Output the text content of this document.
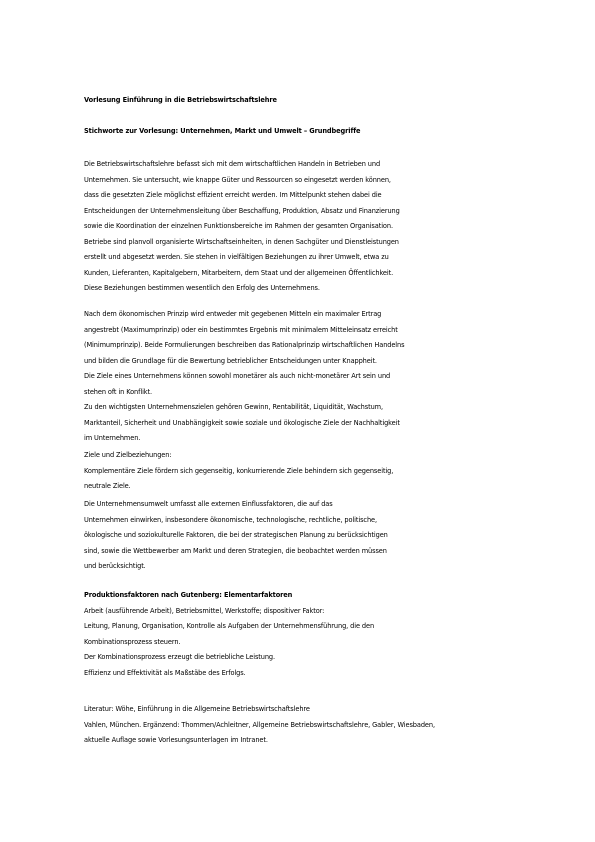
Vorlesung Einführung in die Betriebswirtschaftslehre
Stichworte zur Vorlesung: Unternehmen, Markt und Umwelt – Grundbegriffe
Die Betriebswirtschaftslehre befasst sich mit dem wirtschaftlichen Handeln in Betrieben und
Unternehmen. Sie untersucht, wie knappe Güter und Ressourcen so eingesetzt werden können,
dass die gesetzten Ziele möglichst effizient erreicht werden. Im Mittelpunkt stehen dabei die
Entscheidungen der Unternehmensleitung über Beschaffung, Produktion, Absatz und Finanzierung
sowie die Koordination der einzelnen Funktionsbereiche im Rahmen der gesamten Organisation.
Betriebe sind planvoll organisierte Wirtschaftseinheiten, in denen Sachgüter und Dienstleistungen
erstellt und abgesetzt werden. Sie stehen in vielfältigen Beziehungen zu ihrer Umwelt, etwa zu
Kunden, Lieferanten, Kapitalgebern, Mitarbeitern, dem Staat und der allgemeinen Öffentlichkeit.
Diese Beziehungen bestimmen wesentlich den Erfolg des Unternehmens.
Nach dem ökonomischen Prinzip wird entweder mit gegebenen Mitteln ein maximaler Ertrag
angestrebt (Maximumprinzip) oder ein bestimmtes Ergebnis mit minimalem Mitteleinsatz erreicht
(Minimumprinzip). Beide Formulierungen beschreiben das Rationalprinzip wirtschaftlichen Handelns
und bilden die Grundlage für die Bewertung betrieblicher Entscheidungen unter Knappheit.
Die Ziele eines Unternehmens können sowohl monetärer als auch nicht-monetärer Art sein und
stehen oft in Konflikt.
Zu den wichtigsten Unternehmenszielen gehören Gewinn, Rentabilität, Liquidität, Wachstum,
Marktanteil, Sicherheit und Unabhängigkeit sowie soziale und ökologische Ziele der Nachhaltigkeit
im Unternehmen.
Ziele und Zielbeziehungen:
Komplementäre Ziele fördern sich gegenseitig, konkurrierende Ziele behindern sich gegenseitig,
neutrale Ziele.
Die Unternehmensumwelt umfasst alle externen Einflussfaktoren, die auf das
Unternehmen einwirken, insbesondere ökonomische, technologische, rechtliche, politische,
ökologische und soziokulturelle Faktoren, die bei der strategischen Planung zu berücksichtigen
sind, sowie die Wettbewerber am Markt und deren Strategien, die beobachtet werden müssen
und berücksichtigt.
Produktionsfaktoren nach Gutenberg: Elementarfaktoren
Arbeit (ausführende Arbeit), Betriebsmittel, Werkstoffe; dispositiver Faktor:
Leitung, Planung, Organisation, Kontrolle als Aufgaben der Unternehmensführung, die den
Kombinationsprozess steuern.
Der Kombinationsprozess erzeugt die betriebliche Leistung.
Effizienz und Effektivität als Maßstäbe des Erfolgs.
Literatur: Wöhe, Einführung in die Allgemeine Betriebswirtschaftslehre
Vahlen, München. Ergänzend: Thommen/Achleitner, Allgemeine Betriebswirtschaftslehre, Gabler, Wiesbaden,
aktuelle Auflage sowie Vorlesungsunterlagen im Intranet.
